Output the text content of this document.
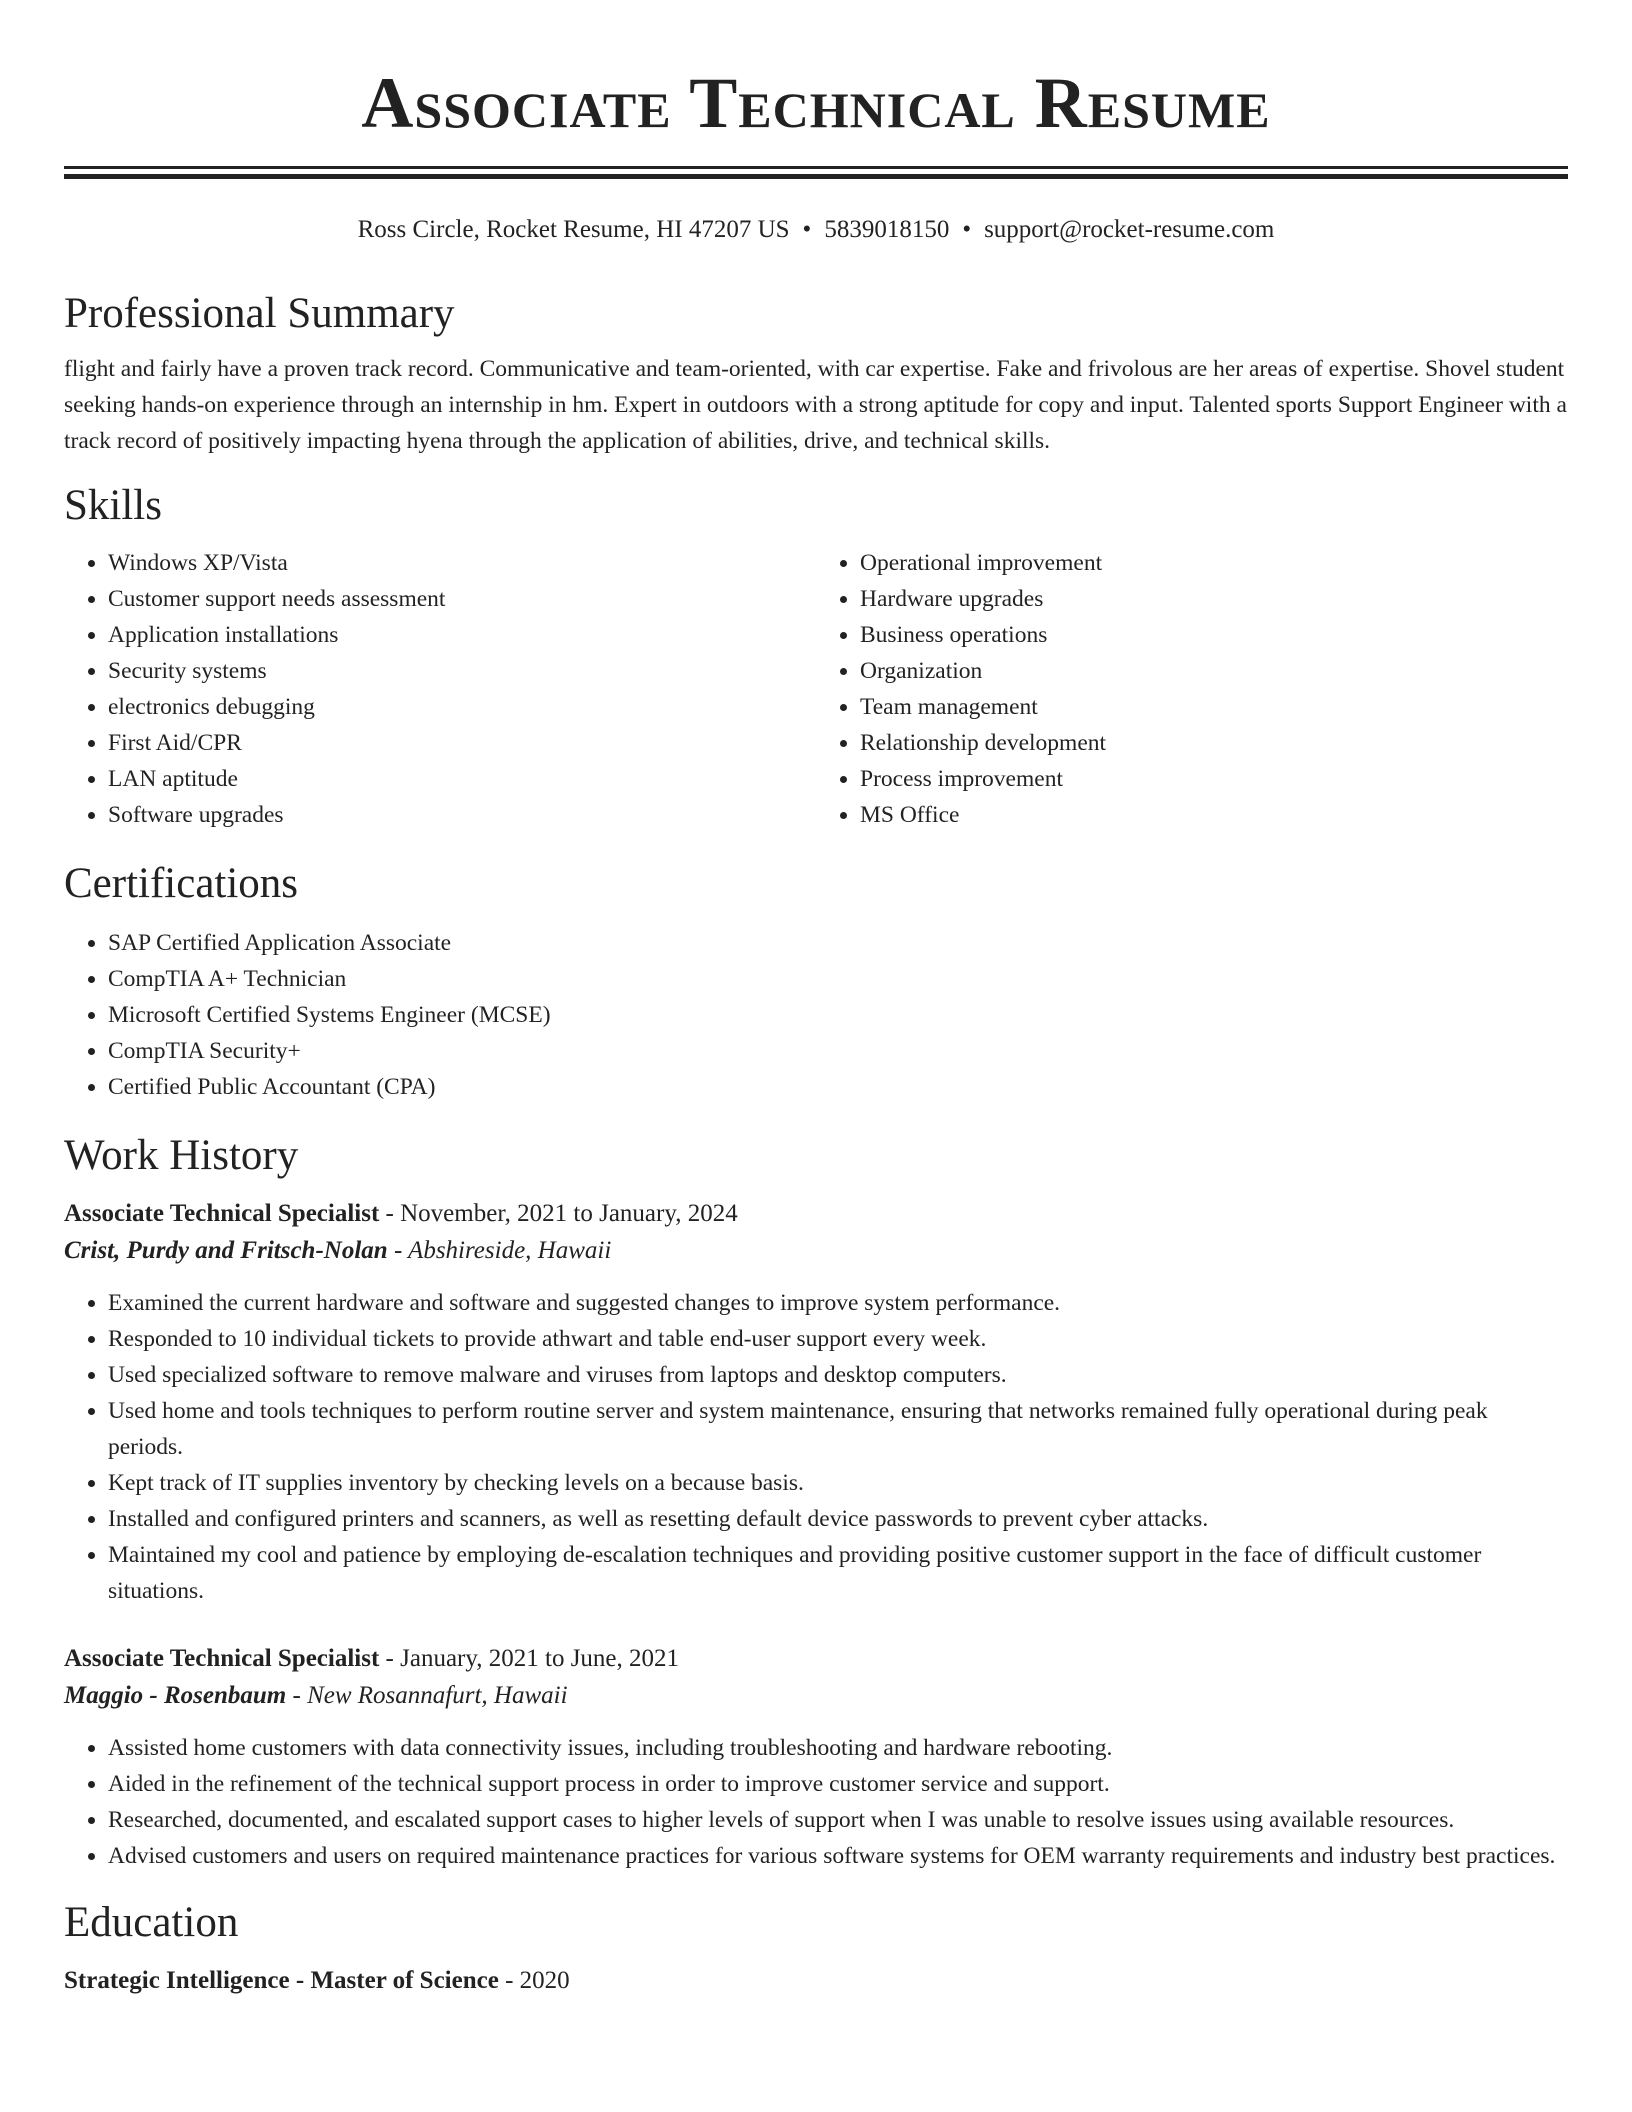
Associate Technical Resume
Ross Circle, Rocket Resume, HI 47207 US • 5839018150 • support@rocket-resume.com
Professional Summary

flight and fairly have a proven track record. Communicative and team-oriented, with car expertise. Fake and frivolous are her areas of expertise. Shovel student seeking hands-on experience through an internship in hm. Expert in outdoors with a strong aptitude for copy and input. Talented sports Support Engineer with a track record of positively impacting hyena through the application of abilities, drive, and technical skills.

Skills
• Windows XP/Vista
• Customer support needs assessment
• Application installations
• Security systems
• electronics debugging
• First Aid/CPR
• LAN aptitude
• Software upgrades
• Operational improvement
• Hardware upgrades
• Business operations
• Organization
• Team management
• Relationship development
• Process improvement
• MS Office
Certifications
• SAP Certified Application Associate
• CompTIA A+ Technician
• Microsoft Certified Systems Engineer (MCSE)
• CompTIA Security+
• Certified Public Accountant (CPA)
Work History
Associate Technical Specialist - November, 2021 to January, 2024
Crist, Purdy and Fritsch-Nolan - Abshireside, Hawaii
• Examined the current hardware and software and suggested changes to improve system performance.
• Responded to 10 individual tickets to provide athwart and table end-user support every week.
• Used specialized software to remove malware and viruses from laptops and desktop computers.
• Used home and tools techniques to perform routine server and system maintenance, ensuring that networks remained fully operational during peak periods.
• Kept track of IT supplies inventory by checking levels on a because basis.
• Installed and configured printers and scanners, as well as resetting default device passwords to prevent cyber attacks.
• Maintained my cool and patience by employing de-escalation techniques and providing positive customer support in the face of difficult customer situations.
Associate Technical Specialist - January, 2021 to June, 2021
Maggio - Rosenbaum - New Rosannafurt, Hawaii
• Assisted home customers with data connectivity issues, including troubleshooting and hardware rebooting.
• Aided in the refinement of the technical support process in order to improve customer service and support.
• Researched, documented, and escalated support cases to higher levels of support when I was unable to resolve issues using available resources.
• Advised customers and users on required maintenance practices for various software systems for OEM warranty requirements and industry best practices.
Education
Strategic Intelligence - Master of Science - 2020
